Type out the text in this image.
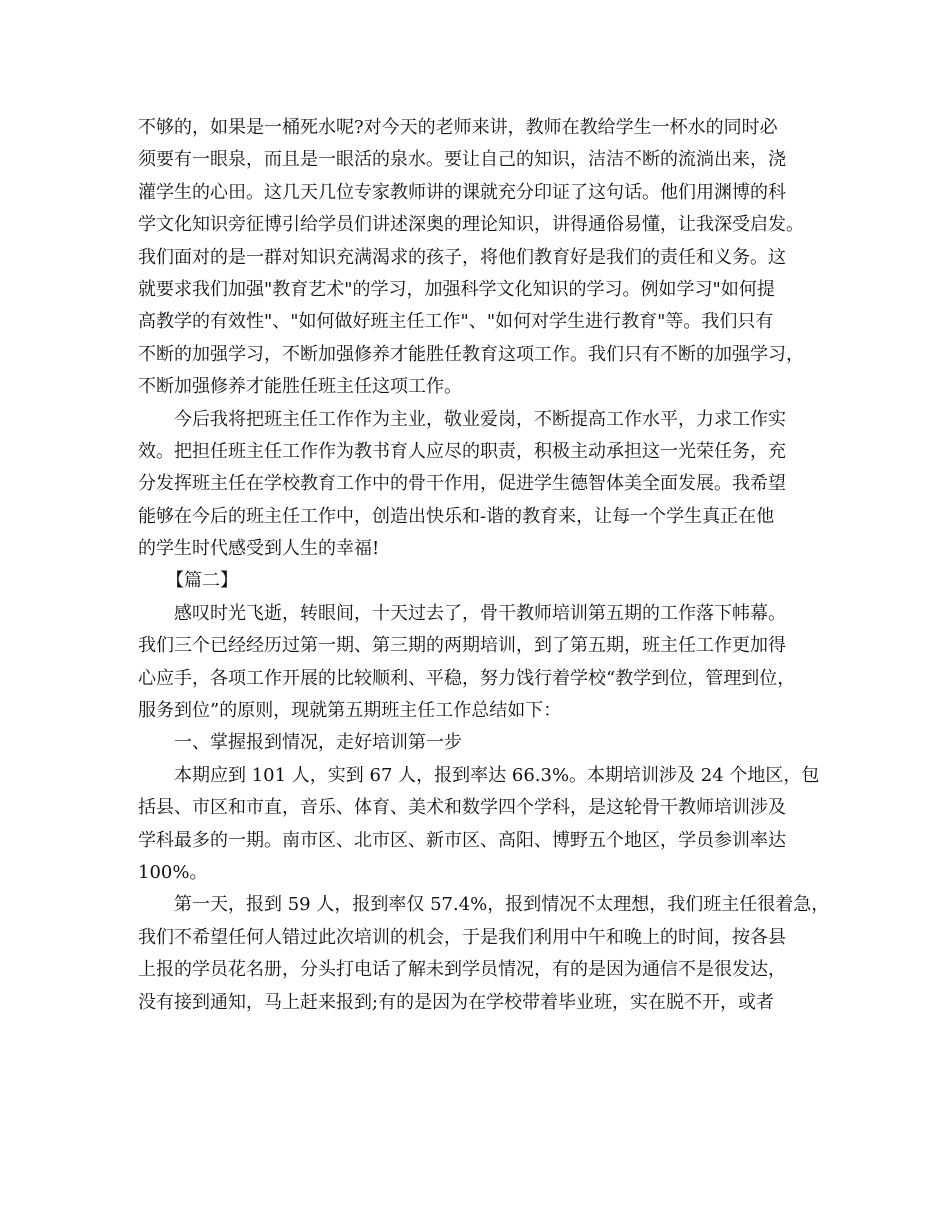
不够的，如果是一桶死水呢?对今天的老师来讲，教师在教给学生一杯水的同时必
须要有一眼泉，而且是一眼活的泉水。要让自己的知识，洁洁不断的流淌出来，浇
灌学生的心田。这几天几位专家教师讲的课就充分印证了这句话。他们用渊博的科
学文化知识旁征博引给学员们讲述深奥的理论知识，讲得通俗易懂，让我深受启发。
我们面对的是一群对知识充满渴求的孩子，将他们教育好是我们的责任和义务。这
就要求我们加强"教育艺术"的学习，加强科学文化知识的学习。例如学习"如何提
高教学的有效性"、"如何做好班主任工作"、"如何对学生进行教育"等。我们只有
不断的加强学习，不断加强修养才能胜任教育这项工作。我们只有不断的加强学习，
不断加强修养才能胜任班主任这项工作。
今后我将把班主任工作作为主业，敬业爱岗，不断提高工作水平，力求工作实
效。把担任班主任工作作为教书育人应尽的职责，积极主动承担这一光荣任务，充
分发挥班主任在学校教育工作中的骨干作用，促进学生德智体美全面发展。我希望
能够在今后的班主任工作中，创造出快乐和-谐的教育来，让每一个学生真正在他
的学生时代感受到人生的幸福!
【篇二】
感叹时光飞逝，转眼间，十天过去了，骨干教师培训第五期的工作落下帏幕。
我们三个已经经历过第一期、第三期的两期培训，到了第五期，班主任工作更加得
心应手，各项工作开展的比较顺利、平稳，努力饯行着学校“教学到位，管理到位，
服务到位”的原则，现就第五期班主任工作总结如下：
一、掌握报到情况，走好培训第一步
本期应到 101 人，实到 67 人，报到率达 66.3%。本期培训涉及 24 个地区，包
括县、市区和市直，音乐、体育、美术和数学四个学科，是这轮骨干教师培训涉及
学科最多的一期。南市区、北市区、新市区、高阳、博野五个地区，学员参训率达
100%。
第一天，报到 59 人，报到率仅 57.4%，报到情况不太理想，我们班主任很着急，
我们不希望任何人错过此次培训的机会，于是我们利用中午和晚上的时间，按各县
上报的学员花名册，分头打电话了解未到学员情况，有的是因为通信不是很发达，
没有接到通知，马上赶来报到;有的是因为在学校带着毕业班，实在脱不开，或者
